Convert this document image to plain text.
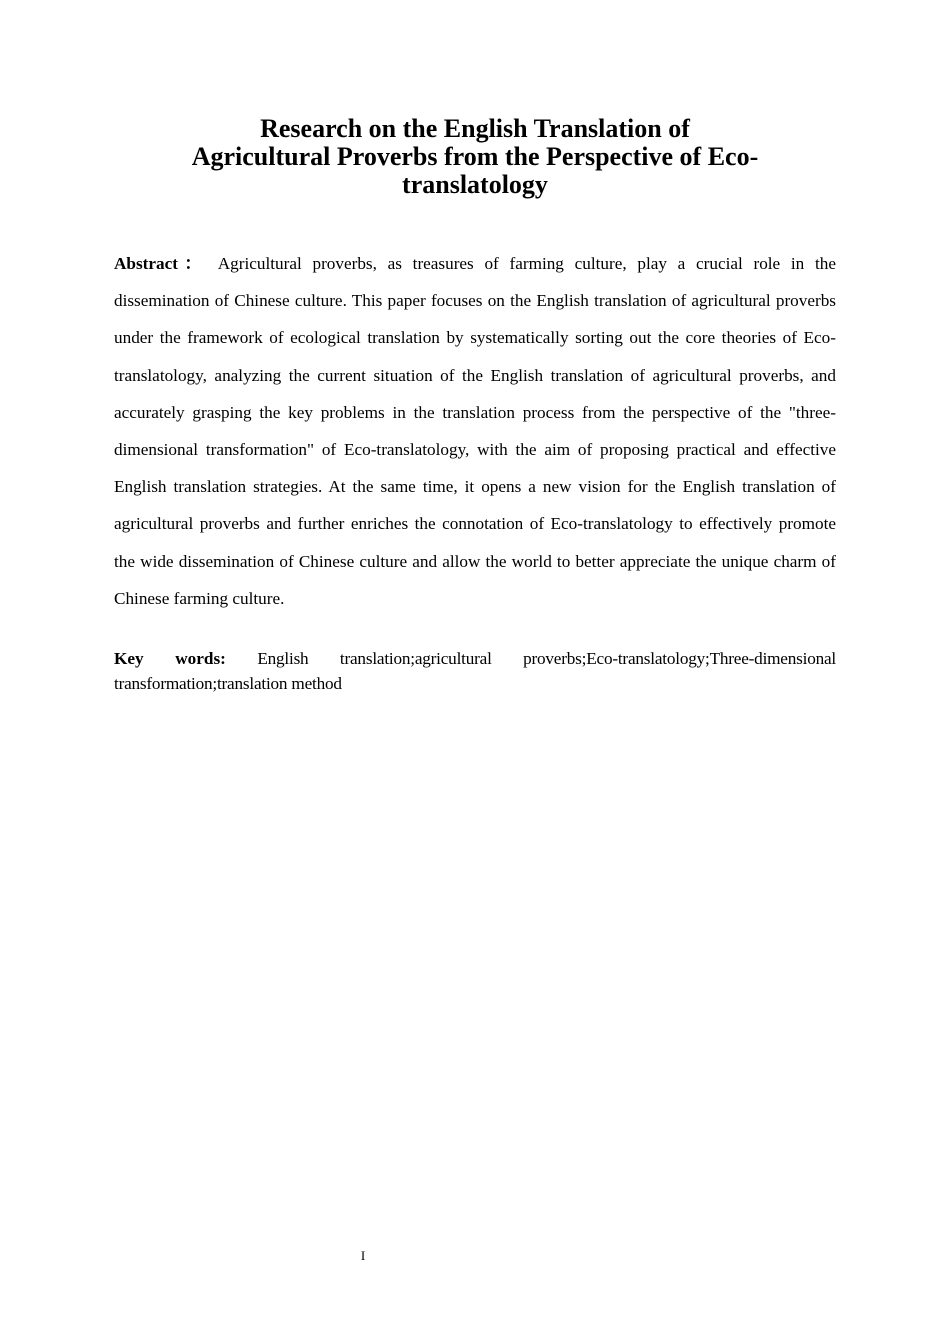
Research on the English Translation of
Agricultural Proverbs from the Perspective of Eco-
translatology

Abstract： Agricultural proverbs, as treasures of farming culture, play a crucial role in the dissemination of Chinese culture. This paper focuses on the English translation of agricultural proverbs under the framework of ecological translation by systematically sorting out the core theories of Eco-translatology, analyzing the current situation of the English translation of agricultural proverbs, and accurately grasping the key problems in the translation process from the perspective of the "three-dimensional transformation" of Eco-translatology, with the aim of proposing practical and effective English translation strategies. At the same time, it opens a new vision for the English translation of agricultural proverbs and further enriches the connotation of Eco-translatology to effectively promote the wide dissemination of Chinese culture and allow the world to better appreciate the unique charm of Chinese farming culture.

Key words: English translation;agricultural proverbs;Eco-translatology;Three-dimensional transformation;translation method

I
